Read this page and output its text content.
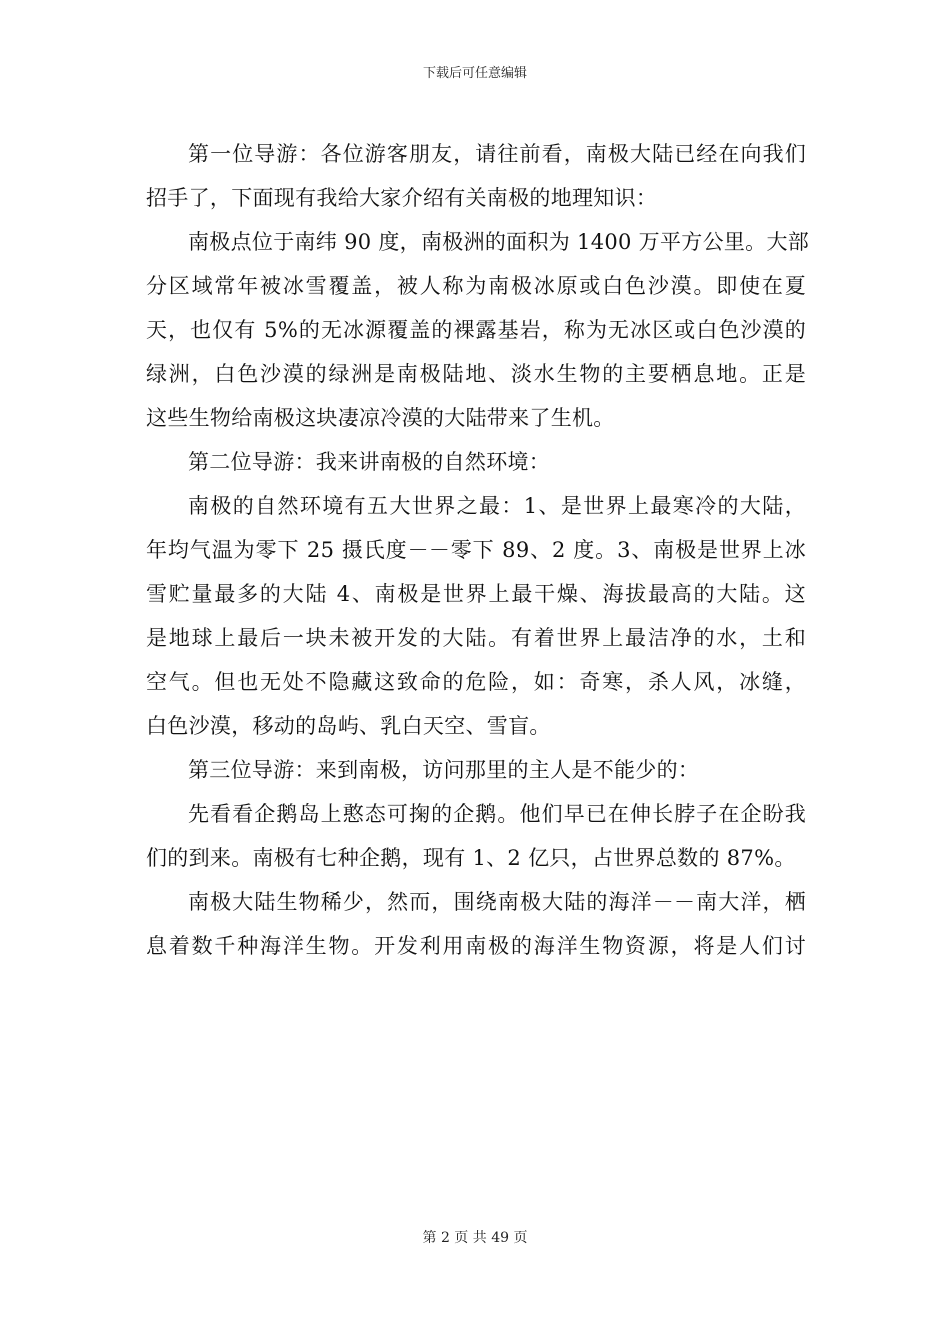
下载后可任意编辑
第一位导游：各位游客朋友，请往前看，南极大陆已经在向我们
招手了，下面现有我给大家介绍有关南极的地理知识：
南极点位于南纬 90 度，南极洲的面积为 1400 万平方公里。大部
分区域常年被冰雪覆盖，被人称为南极冰原或白色沙漠。即使在夏
天，也仅有 5%的无冰源覆盖的裸露基岩，称为无冰区或白色沙漠的
绿洲，白色沙漠的绿洲是南极陆地、淡水生物的主要栖息地。正是
这些生物给南极这块凄凉冷漠的大陆带来了生机。
第二位导游：我来讲南极的自然环境：
南极的自然环境有五大世界之最：1、是世界上最寒冷的大陆，
年均气温为零下 25 摄氏度－－零下 89、2 度。3、南极是世界上冰
雪贮量最多的大陆 4、南极是世界上最干燥、海拔最高的大陆。这
是地球上最后一块未被开发的大陆。有着世界上最洁净的水，土和
空气。但也无处不隐藏这致命的危险，如：奇寒，杀人风，冰缝，
白色沙漠，移动的岛屿、乳白天空、雪盲。
第三位导游：来到南极，访问那里的主人是不能少的：
先看看企鹅岛上憨态可掬的企鹅。他们早已在伸长脖子在企盼我
们的到来。南极有七种企鹅，现有 1、2 亿只，占世界总数的 87%。
南极大陆生物稀少，然而，围绕南极大陆的海洋－－南大洋，栖
息着数千种海洋生物。开发利用南极的海洋生物资源，将是人们讨
第 2 页 共 49 页
